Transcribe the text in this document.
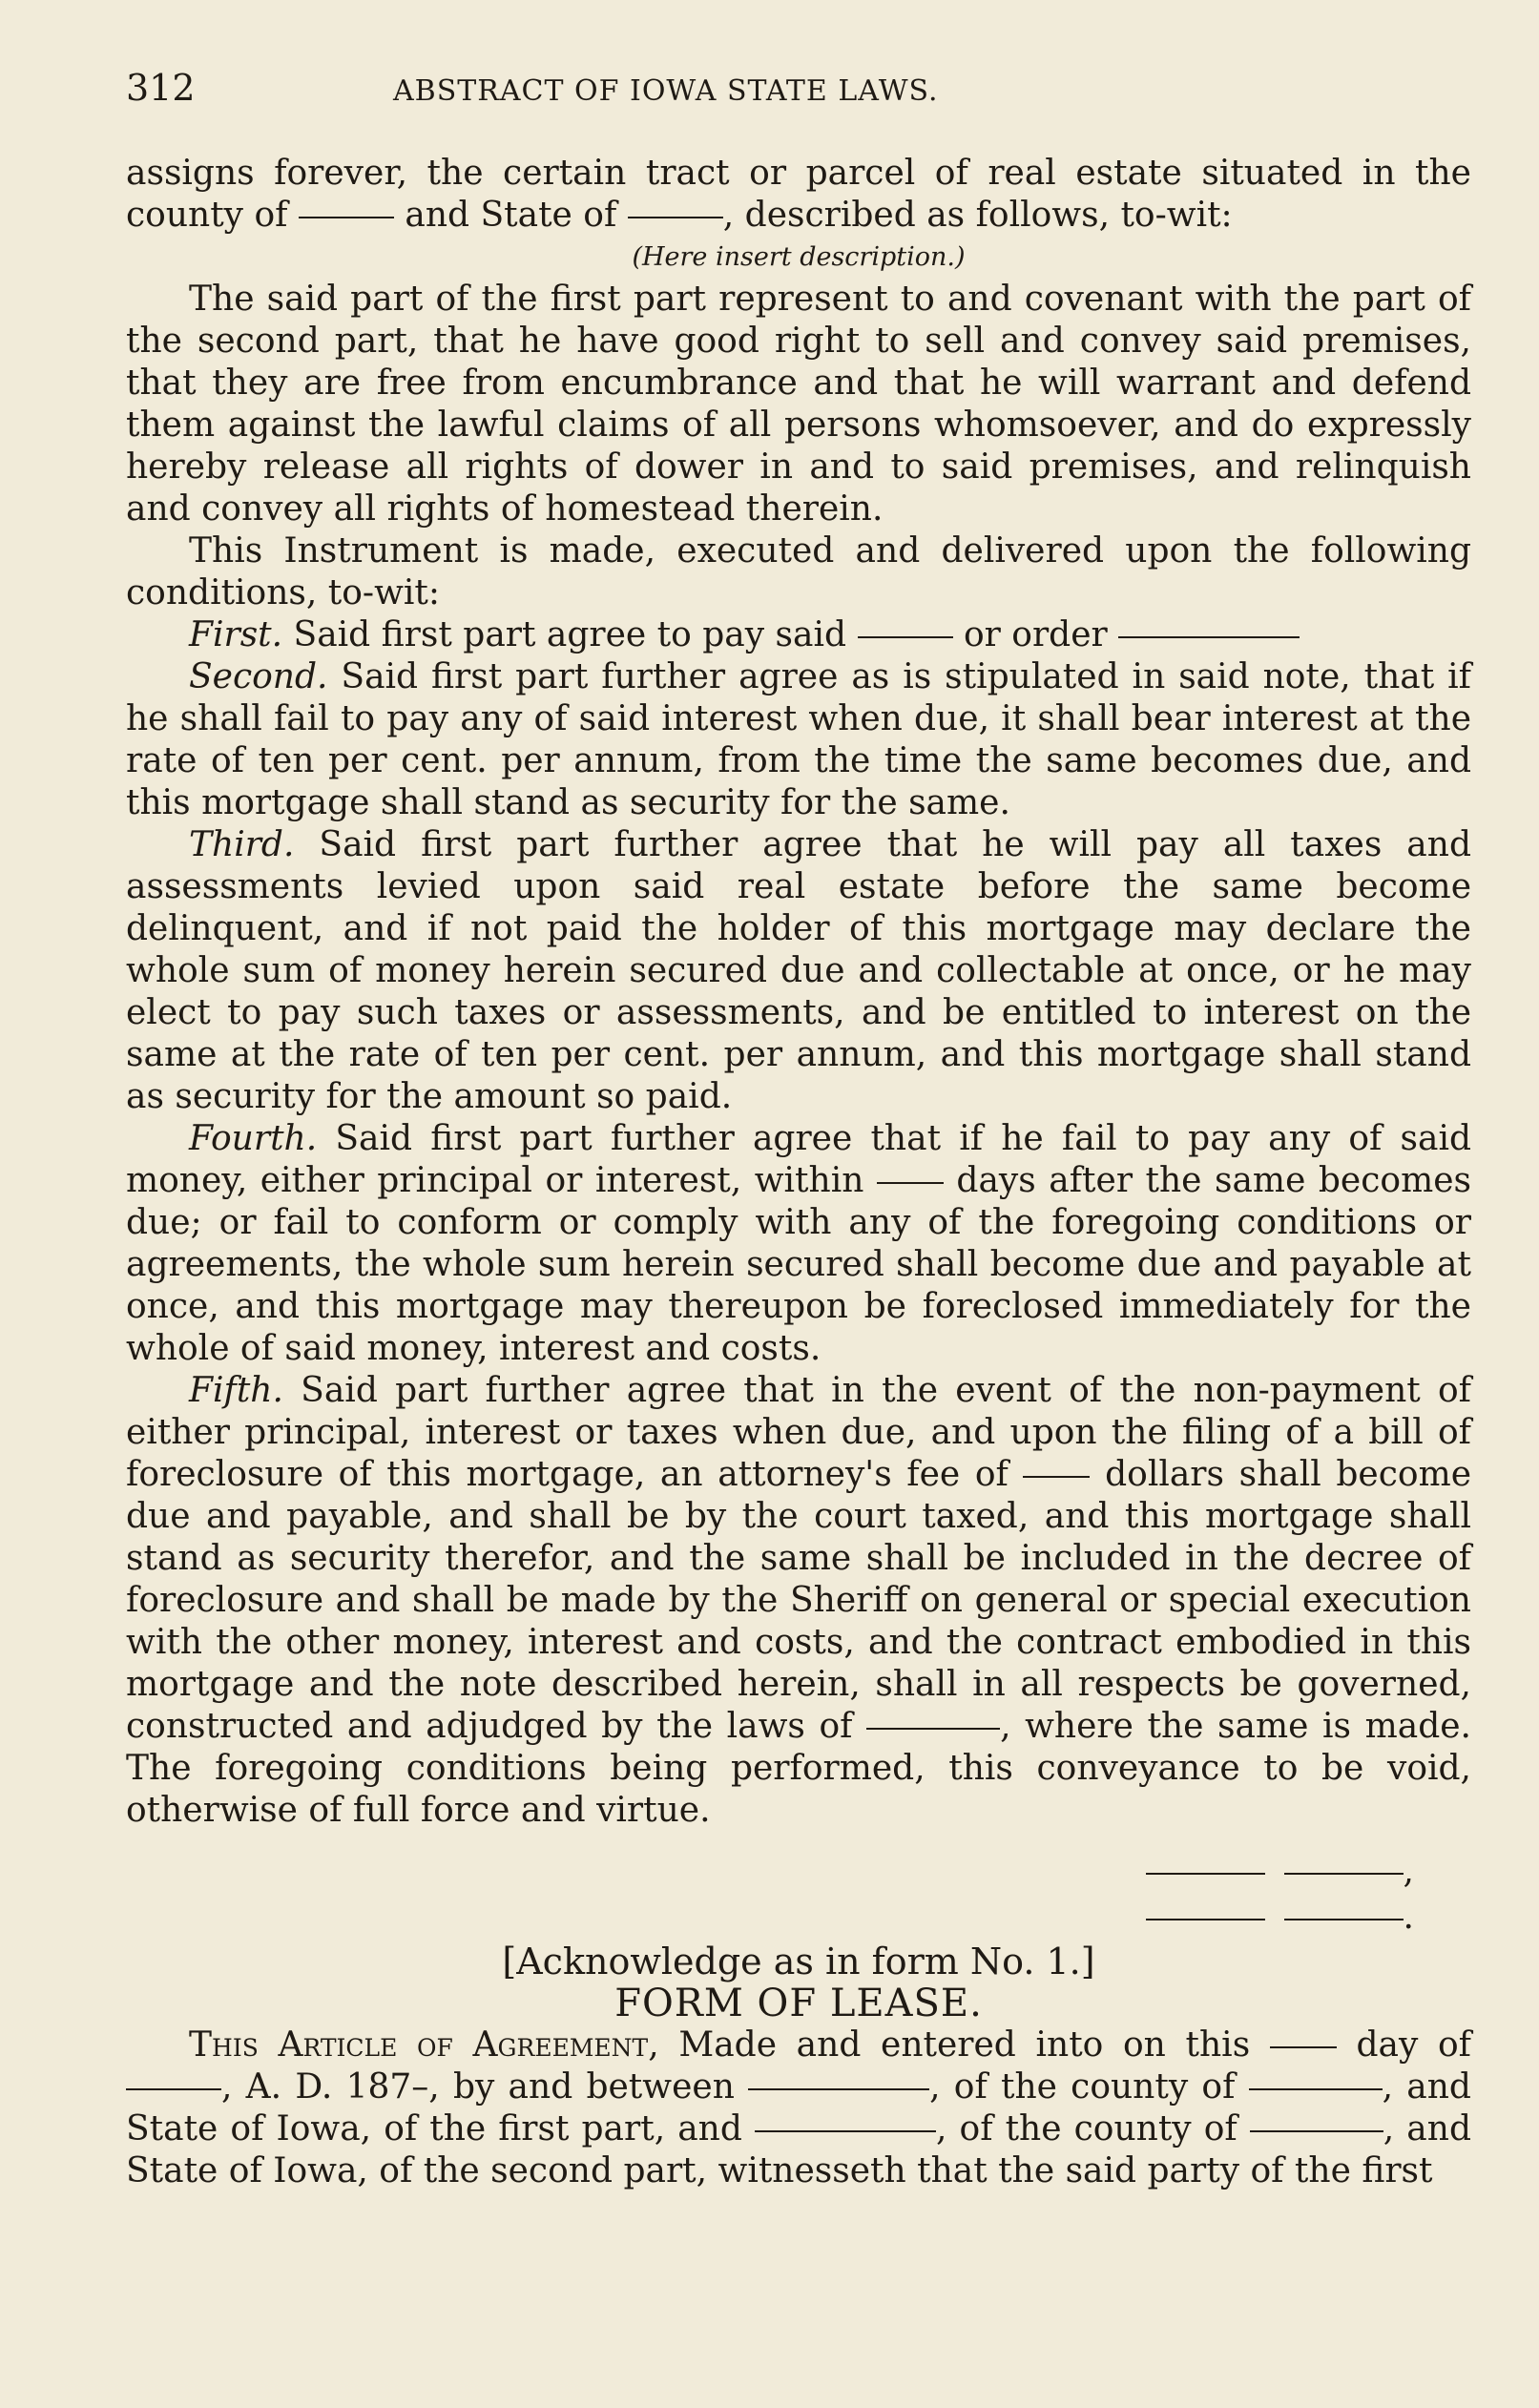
312	ABSTRACT OF IOWA STATE LAWS.

assigns forever, the certain tract or parcel of real estate situated in the county of	and State of	, described as follows, to-wit:

(Here insert description.)

The said part of the first part represent to and covenant with the part of the second part, that he have good right to sell and convey said premises, that they are free from encumbrance and that he will warrant and defend them against the lawful claims of all persons whomsoever, and do expressly hereby release all rights of dower in and to said premises, and relinquish and convey all rights of homestead therein.

This Instrument is made, executed and delivered upon the following conditions, to-wit:

First. Said first part agree to pay said	or order

Second. Said first part further agree as is stipulated in said note, that if he shall fail to pay any of said interest when due, it shall bear interest at the rate of ten per cent. per annum, from the time the same becomes due, and this mortgage shall stand as security for the same.

Third. Said first part further agree that he will pay all taxes and assessments levied upon said real estate before the same become delinquent, and if not paid the holder of this mortgage may declare the whole sum of money herein secured due and collectable at once, or he may elect to pay such taxes or assessments, and be entitled to interest on the same at the rate of ten per cent. per annum, and this mortgage shall stand as security for the amount so paid.

Fourth. Said first part further agree that if he fail to pay any of said money, either principal or interest, within  days after the same becomes due; or fail to conform or comply with any of the foregoing conditions or agreements, the whole sum herein secured shall become due and payable at once, and this mortgage may thereupon be foreclosed immediately for the whole of said money, interest and costs.

Fifth. Said part further agree that in the event of the non-payment of either principal, interest or taxes when due, and upon the filing of a bill of foreclosure of this mortgage, an attorney's fee of  dollars shall become due and payable, and shall be by the court taxed, and this mortgage shall stand as security therefor, and the same shall be included in the decree of foreclosure and shall be made by the Sheriff on general or special execution with the other money, interest and costs, and the contract embodied in this mortgage and the note described herein, shall in all respects be governed, constructed and adjudged by the laws of	, where the same is made. The foregoing conditions being performed, this conveyance to be void, otherwise of full force and virtue.

,
.

[Acknowledge as in form No. 1.]

FORM OF LEASE.

This Article of Agreement, Made and entered into on this	day of , A. D. 187–, by and between	, of the county of	, and State of Iowa, of the first part, and	, of the county of	, and State of Iowa, of the second part, witnesseth that the said party of the first
